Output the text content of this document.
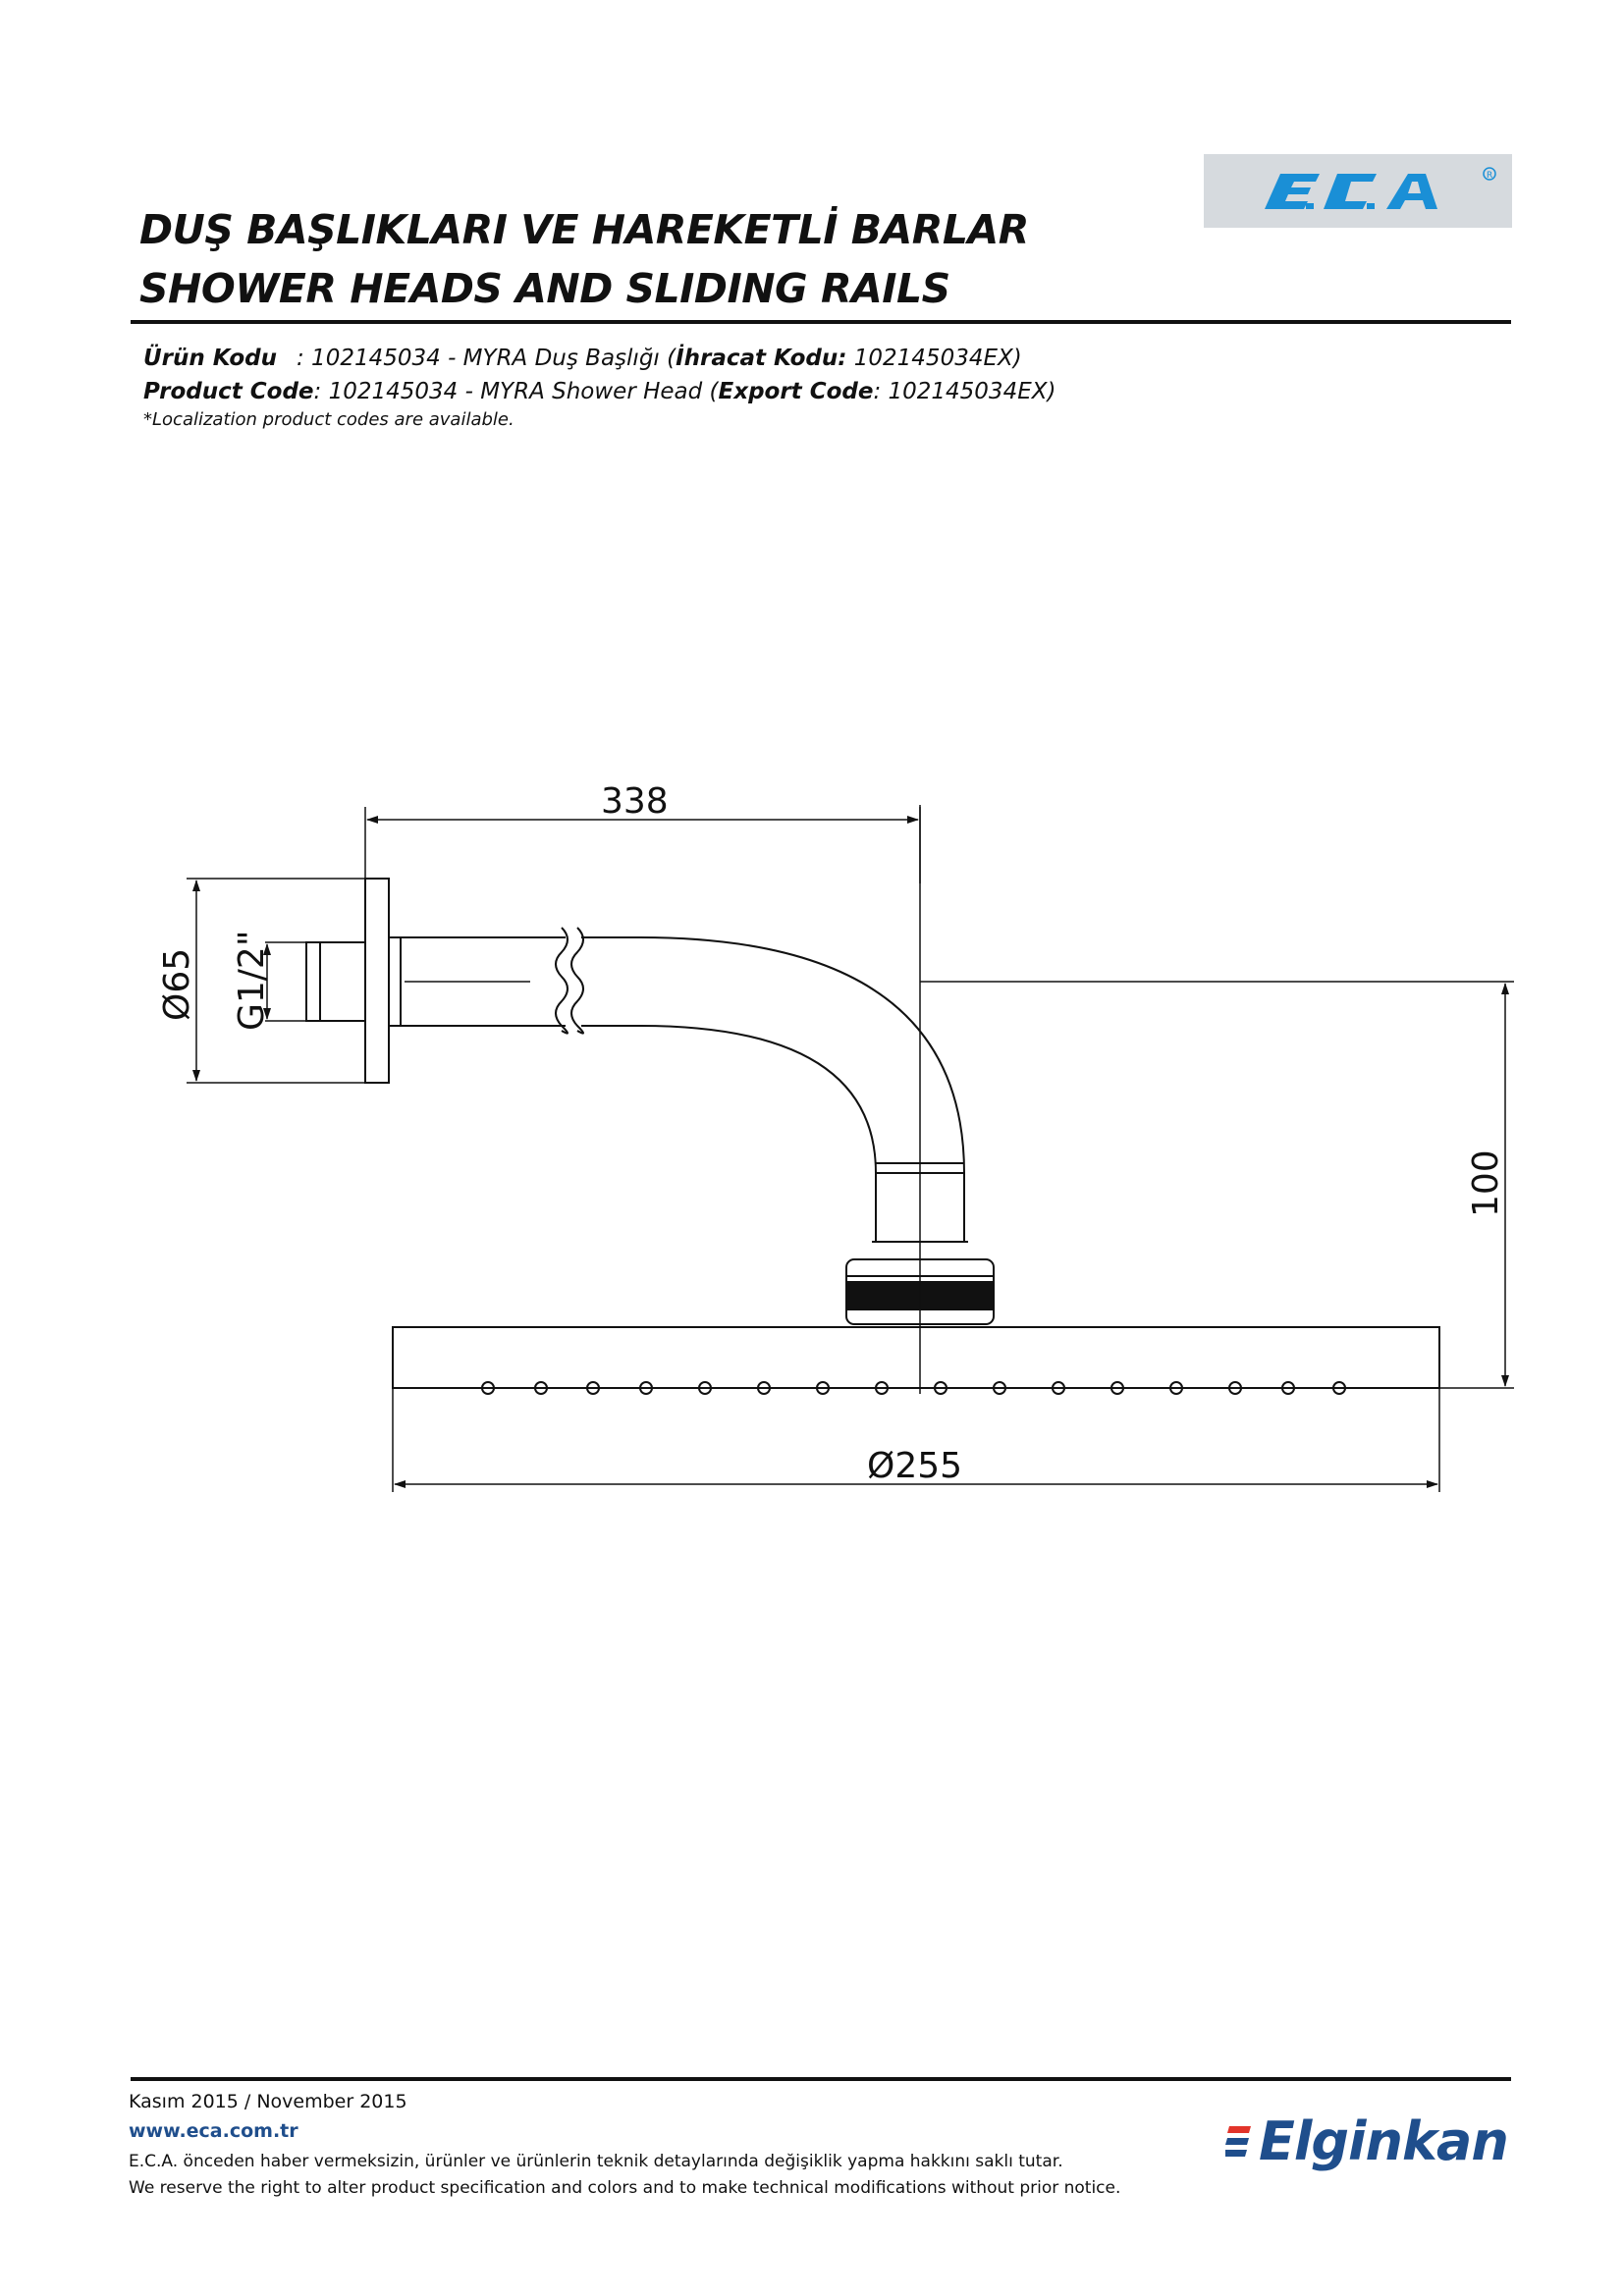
R
DUŞ BAŞLIKLARI VE HAREKETLİ BARLAR
SHOWER HEADS AND SLIDING RAILS
Ürün Kodu : 102145034 - MYRA Duş Başlığı (İhracat Kodu: 102145034EX)
Product Code: 102145034 - MYRA Shower Head (Export Code: 102145034EX)
*Localization product codes are available.
338
Ø65 G1/2"
100
Ø255
Kasım 2015 / November 2015
www.eca.com.tr
E.C.A. önceden haber vermeksizin, ürünler ve ürünlerin teknik detaylarında değişiklik yapma hakkını saklı tutar.
We reserve the right to alter product specification and colors and to make technical modifications without prior notice.
Elginkan
